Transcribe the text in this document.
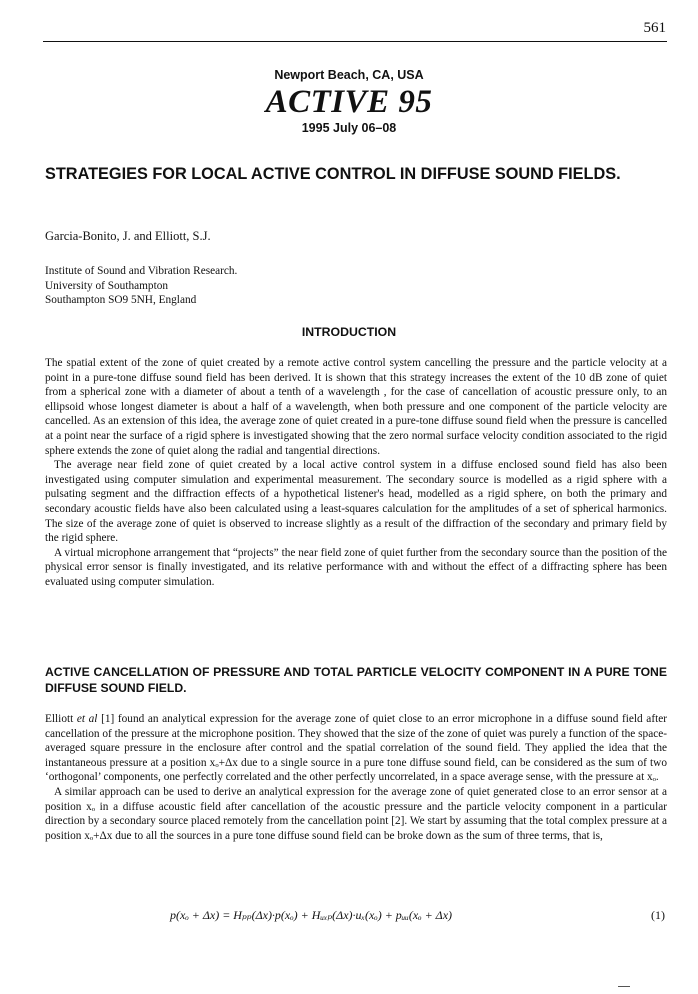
561
Newport Beach, CA, USA
ACTIVE 95
1995 July 06–08
STRATEGIES FOR LOCAL ACTIVE CONTROL IN DIFFUSE SOUND FIELDS.
Garcia-Bonito, J. and Elliott, S.J.
Institute of Sound and Vibration Research.
University of Southampton
Southampton SO9 5NH, England
INTRODUCTION

The spatial extent of the zone of quiet created by a remote active control system cancelling the pressure and the particle velocity at a point in a pure-tone diffuse sound field has been derived. It is shown that this strategy increases the extent of the 10 dB zone of quiet from a spherical zone with a diameter of about a tenth of a wavelength , for the case of cancellation of acoustic pressure only, to an ellipsoid whose longest diameter is about a half of a wavelength, when both pressure and one component of the particle velocity are cancelled. As an extension of this idea, the average zone of quiet created in a pure-tone diffuse sound field when the pressure is cancelled at a point near the surface of a rigid sphere is investigated showing that the zero normal surface velocity condition associated to the rigid sphere extends the zone of quiet along the radial and tangential directions.

The average near field zone of quiet created by a local active control system in a diffuse enclosed sound field has also been investigated using computer simulation and experimental measurement. The secondary source is modelled as a rigid sphere with a pulsating segment and the diffraction effects of a hypothetical listener's head, modelled as a rigid sphere, on both the primary and secondary acoustic fields have also been calculated using a least-squares calculation for the amplitudes of a set of spherical harmonics. The size of the average zone of quiet is observed to increase slightly as a result of the diffraction of the secondary and primary field by the rigid sphere.

A virtual microphone arrangement that “projects” the near field zone of quiet further from the secondary source than the position of the physical error sensor is finally investigated, and its relative performance with and without the effect of a diffracting sphere has been evaluated using computer simulation.

ACTIVE CANCELLATION OF PRESSURE AND TOTAL PARTICLE VELOCITY COMPONENT IN A PURE TONE DIFFUSE SOUND FIELD.

Elliott et al [1] found an analytical expression for the average zone of quiet close to an error microphone in a diffuse sound field after cancellation of the pressure at the microphone position. They showed that the size of the zone of quiet was purely a function of the space-averaged square pressure in the enclosure after control and the spatial correlation of the sound field. They applied the idea that the instantaneous pressure at a position xₒ+Δx due to a single source in a pure tone diffuse sound field, can be considered as the sum of two ‘orthogonal’ components, one perfectly correlated and the other perfectly uncorrelated, in a space average sense, with the pressure at xₒ.

A similar approach can be used to derive an analytical expression for the average zone of quiet generated close to an error sensor at a position xₒ in a diffuse acoustic field after cancellation of the acoustic pressure and the particle velocity component in a particular direction by a secondary source placed remotely from the cancellation point [2]. We start by assuming that the total complex pressure at a position xₒ+Δx due to all the sources in a pure tone diffuse sound field can be broke down as the sum of three terms, that is,

p(xₒ + Δx) = Hₚₚ(Δx)·p(xₒ) + Hᵤₓₚ(Δx)·uₓ(xₒ) + pᵤᵤ(xₒ + Δx)	(1)
